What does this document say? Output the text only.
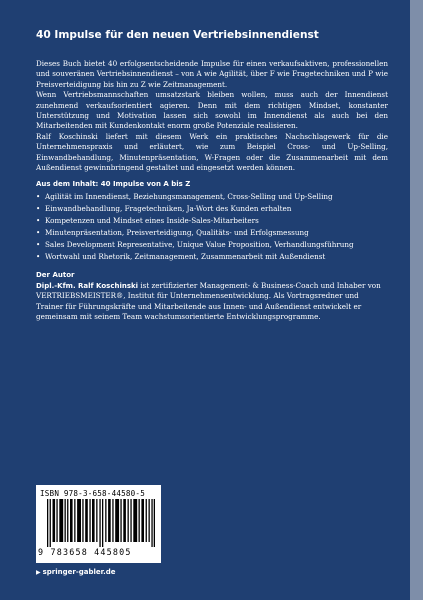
40 Impulse für den neuen Vertriebsinnendienst

Dieses Buch bietet 40 erfolgsentscheidende Impulse für einen verkaufsaktiven, professionellen und souveränen Vertriebsinnendienst – von A wie Agilität, über F wie Fragetechniken und P wie Preisverteidigung bis hin zu Z wie Zeitmanagement.

Wenn Vertriebsmannschaften umsatzstark bleiben wollen, muss auch der Innendienst zunehmend verkaufsorientiert agieren. Denn mit dem richtigen Mindset, konstanter Unterstützung und Motivation lassen sich sowohl im Innendienst als auch bei den Mitarbeitenden mit Kundenkontakt enorm große Potenziale realisieren.

Ralf Koschinski liefert mit diesem Werk ein praktisches Nachschlagewerk für die Unternehmenspraxis und erläutert, wie zum Beispiel Cross- und Up-Selling, Einwandbehandlung, Minutenpräsentation, W-Fragen oder die Zusammenarbeit mit dem Außendienst gewinnbringend gestaltet und eingesetzt werden können.

Aus dem Inhalt: 40 Impulse von A bis Z
• Agilität im Innendienst, Beziehungsmanagement, Cross-Selling und Up-Selling
• Einwandbehandlung, Fragetechniken, Ja-Wort des Kunden erhalten
• Kompetenzen und Mindset eines Inside-Sales-Mitarbeiters
• Minutenpräsentation, Preisverteidigung, Qualitäts- und Erfolgsmessung
• Sales Development Representative, Unique Value Proposition, Verhandlungsführung
• Wortwahl und Rhetorik, Zeitmanagement, Zusammenarbeit mit Außendienst
Der Autor

Dipl.-Kfm. Ralf Koschinski ist zertifizierter Management- & Business-Coach und Inhaber von VERTRIEBSMEISTER®, Institut für Unternehmensentwicklung. Als Vortragsredner und Trainer für Führungskräfte und Mitarbeitende aus Innen- und Außendienst entwickelt er gemeinsam mit seinem Team wachstumsorientierte Entwicklungsprogramme.

ISBN 978-3-658-44580-5
9 783658 445805
▶ springer-gabler.de
